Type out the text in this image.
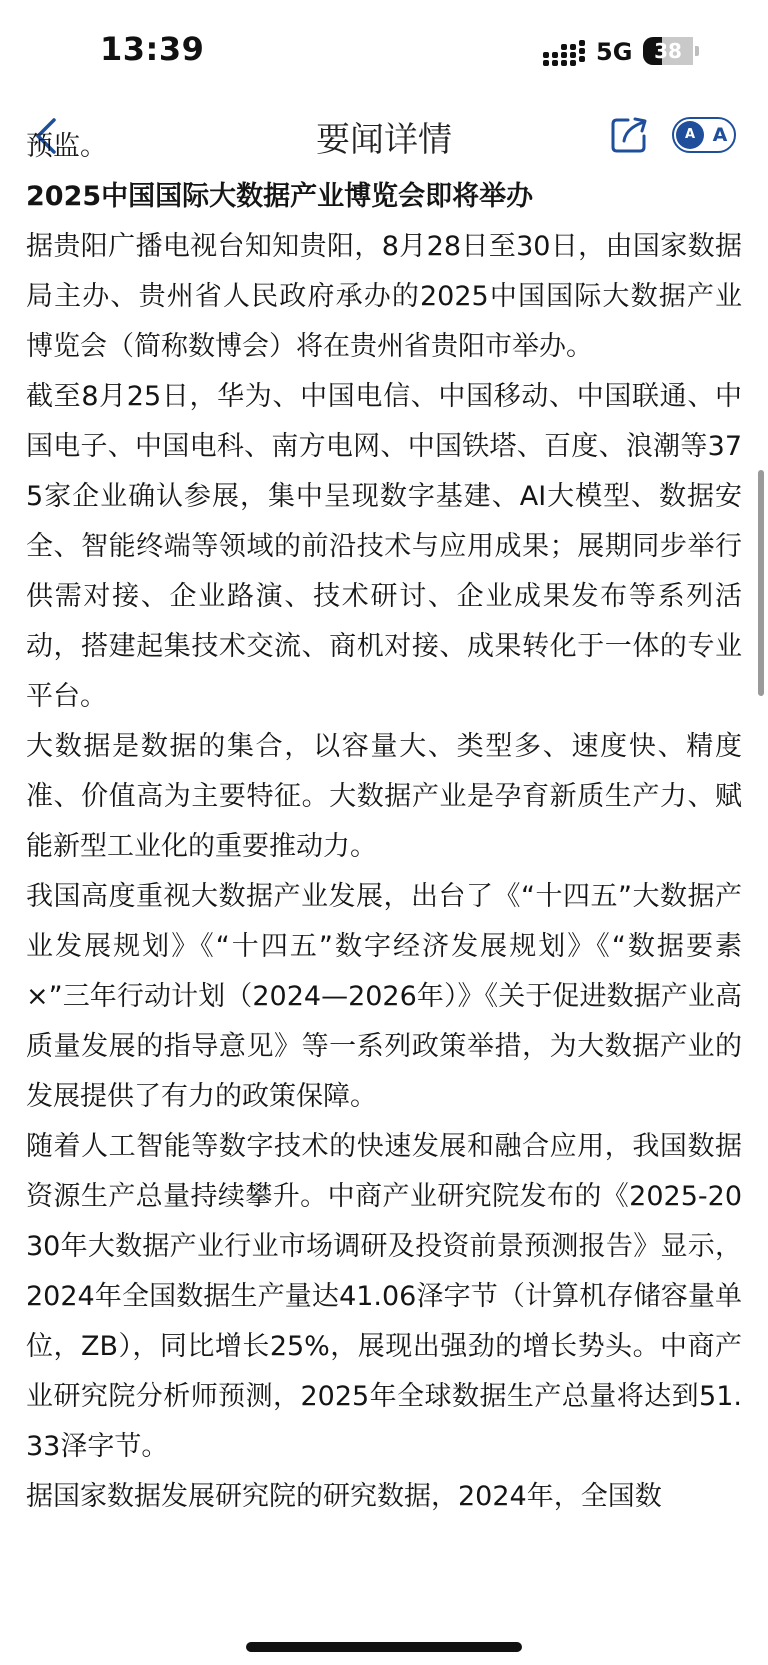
13:39	5G	38
要闻详情	A A

预监。

2025中国国际大数据产业博览会即将举办

据贵阳广播电视台知知贵阳，8月28日至30日，由国家数据局主办、贵州省人民政府承办的2025中国国际大数据产业博览会（简称数博会）将在贵州省贵阳市举办。

截至8月25日，华为、中国电信、中国移动、中国联通、中国电子、中国电科、南方电网、中国铁塔、百度、浪潮等375家企业确认参展，集中呈现数字基建、AI大模型、数据安全、智能终端等领域的前沿技术与应用成果；展期同步举行供需对接、企业路演、技术研讨、企业成果发布等系列活动，搭建起集技术交流、商机对接、成果转化于一体的专业平台。

大数据是数据的集合，以容量大、类型多、速度快、精度准、价值高为主要特征。大数据产业是孕育新质生产力、赋能新型工业化的重要推动力。

我国高度重视大数据产业发展，出台了《“十四五”大数据产业发展规划》《“十四五”数字经济发展规划》《“数据要素×”三年行动计划（2024—2026年）》《关于促进数据产业高质量发展的指导意见》等一系列政策举措，为大数据产业的发展提供了有力的政策保障。

随着人工智能等数字技术的快速发展和融合应用，我国数据资源生产总量持续攀升。中商产业研究院发布的《2025-2030年大数据产业行业市场调研及投资前景预测报告》显示，2024年全国数据生产量达41.06泽字节（计算机存储容量单位，ZB），同比增长25%，展现出强劲的增长势头。中商产业研究院分析师预测，2025年全球数据生产总量将达到51.33泽字节。

据国家数据发展研究院的研究数据，2024年，全国数
